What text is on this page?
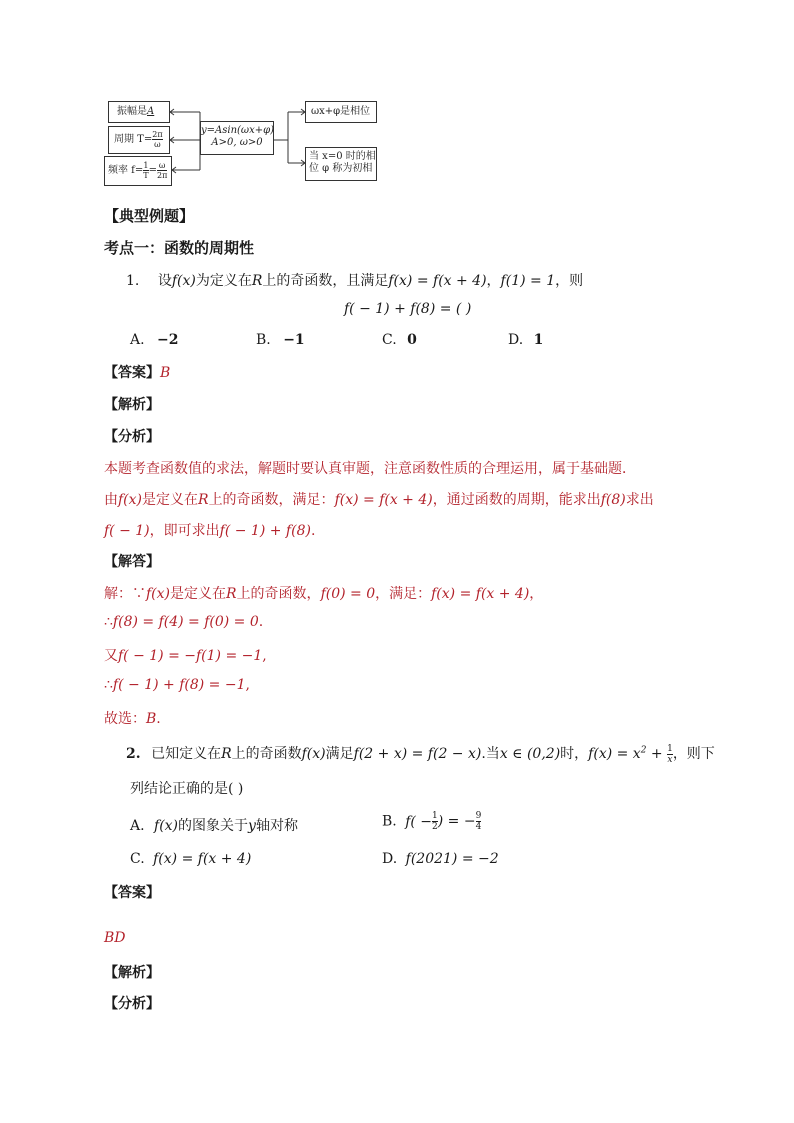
振幅是A
周期 $T= \frac{2\pi}{\omega}$
频率 $f= \frac{1}{T} = \frac{\omega}{2\pi}$
y=Asin(ωx+φ)
A>0, ω>0
ωx+φ是相位
当 x=0 时的相
位 φ 称为初相
【典型例题】
考点一：函数的周期性
1. 设f(x)为定义在R上的奇函数，且满足f(x) = f(x + 4)，f(1) = 1，则
f( − 1) + f(8) = ( )
A. −2	B. −1	C. 0	D. 1
【答案】B
【解析】
【分析】
本题考查函数值的求法，解题时要认真审题，注意函数性质的合理运用，属于基础题．
由f(x)是定义在R上的奇函数，满足：f(x) = f(x + 4)，通过函数的周期，能求出f(8)求出
f( − 1)，即可求出f( − 1) + f(8).
【解答】
解：∵f(x)是定义在R上的奇函数，f(0) = 0，满足：f(x) = f(x + 4)，
∴f(8) = f(4) = f(0) = 0.
又f( − 1) = −f(1) = −1,
∴f( − 1) + f(8) = −1,
故选：B.
2. 已知定义在R上的奇函数f(x)满足f(2 + x) = f(2 − x).当x ∈ (0,2)时，$f(x) = x^2 + \frac{1}{x}$ ，则下
列结论正确的是( )
A. f(x)的图象关于y轴对称	B. $f( - \frac{1}{2}$ ) = − $\frac{9}{4}$
C. f(x) = f(x + 4)	D. f(2021) = −2
【答案】
BD
【解析】
【分析】
